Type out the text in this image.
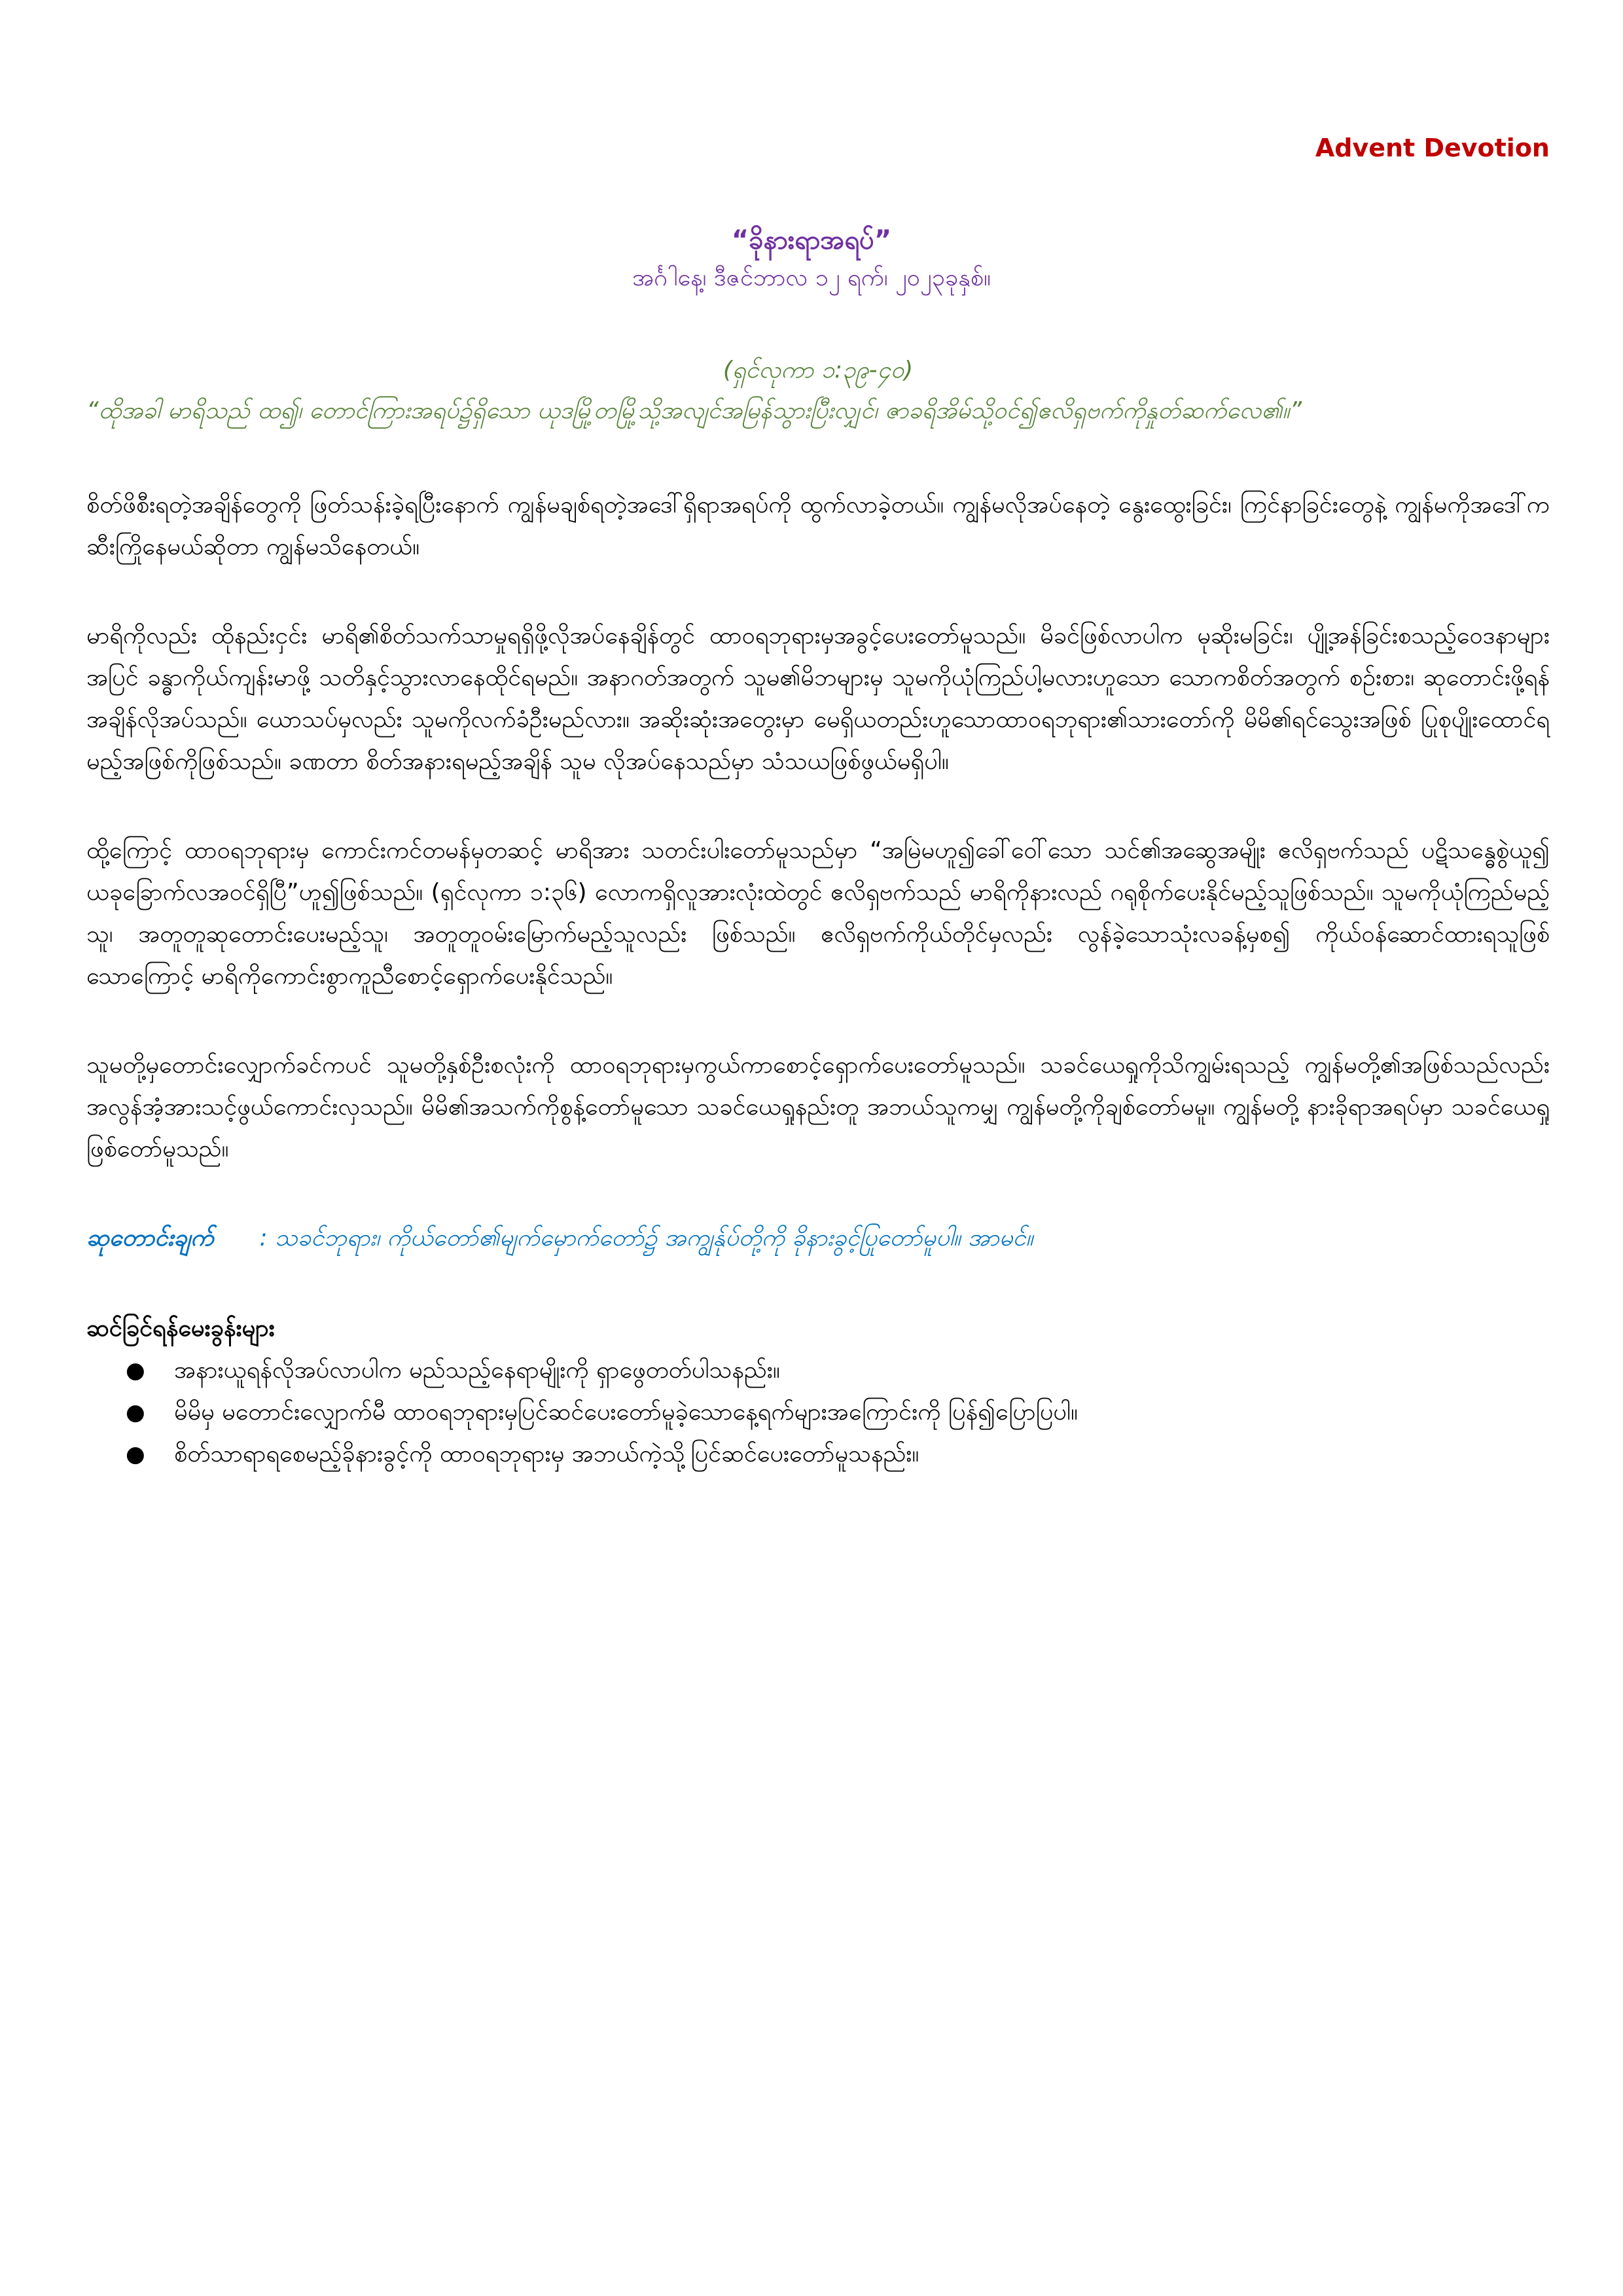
Advent Devotion
“ခိုနားရာအရပ်”
အင်္ဂါနေ့၊ ဒီဇင်ဘာလ ၁၂ ရက်၊ ၂၀၂၃ခုနှစ်။
(ရှင်လုကာ ၁:၃၉-၄၀)

“ထိုအခါ မာရိသည် ထ၍၊ တောင်ကြားအရပ်၌ရှိသော ယုဒမြို့တမြို့သို့အလျင်အမြန်သွားပြီးလျှင်၊ ဇာခရိအိမ်သို့ဝင်၍ဧလိရှဗက်ကိုနှုတ်ဆက်လေ၏။”

စိတ်ဖိစီးရတဲ့အချိန်တွေကို ဖြတ်သန်းခဲ့ရပြီးနောက် ကျွန်မချစ်ရတဲ့အဒေါ်ရှိရာအရပ်ကို ထွက်လာခဲ့တယ်။ ကျွန်မလိုအပ်နေတဲ့ နွေးထွေးခြင်း၊ ကြင်နာခြင်းတွေနဲ့ ကျွန်မကိုအဒေါ်က ဆီးကြိုနေမယ်ဆိုတာ ကျွန်မသိနေတယ်။

မာရိကိုလည်း ထိုနည်းငှင်း မာရိ၏စိတ်သက်သာမှုရရှိဖို့လိုအပ်နေချိန်တွင် ထာဝရဘုရားမှအခွင့်ပေးတော်မူသည်။ မိခင်ဖြစ်လာပါက မုဆိုးမခြင်း၊ ပျို့အန်ခြင်းစသည့်ဝေဒနာများအပြင် ခန္ဓာကိုယ်ကျန်းမာဖို့ သတိနှင့်သွားလာနေထိုင်ရမည်။ အနာဂတ်အတွက် သူမ၏မိဘများမှ သူမကိုယုံကြည်ပါ့မလားဟူသော သောကစိတ်အတွက် စဉ်းစား၊ ဆုတောင်းဖို့ရန်အချိန်လိုအပ်သည်။ ယောသပ်မှလည်း သူမကိုလက်ခံဦးမည်လား။ အဆိုးဆုံးအတွေးမှာ မေရှိယတည်းဟူသောထာဝရဘုရား၏သားတော်ကို မိမိ၏ရင်သွေးအဖြစ် ပြုစုပျိုးထောင်ရမည့်အဖြစ်ကိုဖြစ်သည်။ ခဏတာ စိတ်အနားရမည့်အချိန် သူမ လိုအပ်နေသည်မှာ သံသယဖြစ်ဖွယ်မရှိပါ။

ထို့ကြောင့် ထာဝရဘုရားမှ ကောင်းကင်တမန်မှတဆင့် မာရိအား သတင်းပါးတော်မူသည်မှာ “အမြဲမဟူ၍ခေါ်ဝေါ်သော သင်၏အဆွေအမျိုး ဧလိရှဗက်သည် ပဋိသန္ဓေစွဲယူ၍ ယခုခြောက်လအဝင်ရှိပြီ”ဟူ၍ဖြစ်သည်။ (ရှင်လုကာ ၁:၃၆) လောကရှိလူအားလုံးထဲတွင် ဧလိရှဗက်သည် မာရိကိုနားလည် ဂရုစိုက်ပေးနိုင်မည့်သူဖြစ်သည်။ သူမကိုယုံကြည်မည့်သူ၊ အတူတူဆုတောင်းပေးမည့်သူ၊ အတူတူဝမ်းမြောက်မည့်သူလည်း ဖြစ်သည်။ ဧလိရှဗက်ကိုယ်တိုင်မှလည်း လွန်ခဲ့သောသုံးလခန့်မှစ၍ ကိုယ်ဝန်ဆောင်ထားရသူဖြစ်သောကြောင့် မာရိကိုကောင်းစွာကူညီစောင့်ရှောက်ပေးနိုင်သည်။

သူမတို့မှတောင်းလျှောက်ခင်ကပင် သူမတို့နှစ်ဦးစလုံးကို ထာဝရဘုရားမှကွယ်ကာစောင့်ရှောက်ပေးတော်မူသည်။ သခင်ယေရှုကိုသိကျွမ်းရသည့် ကျွန်မတို့၏အဖြစ်သည်လည်း အလွန်အံ့အားသင့်ဖွယ်ကောင်းလှသည်။ မိမိ၏အသက်ကိုစွန့်တော်မူသော သခင်ယေရှုနည်းတူ အဘယ်သူကမျှ ကျွန်မတို့ကိုချစ်တော်မမူ။ ကျွန်မတို့ နားခိုရာအရပ်မှာ သခင်ယေရှုဖြစ်တော်မူသည်။

ဆုတောင်းချက် : သခင်ဘုရား၊ ကိုယ်တော်၏မျက်မှောက်တော်၌ အကျွန်ုပ်တို့ကို ခိုနားခွင့်ပြုတော်မူပါ။ အာမင်။
ဆင်ခြင်ရန်မေးခွန်းများ
● အနားယူရန်လိုအပ်လာပါက မည်သည့်နေရာမျိုးကို ရှာဖွေတတ်ပါသနည်း။
● မိမိမှ မတောင်းလျှောက်မီ ထာဝရဘုရားမှပြင်ဆင်ပေးတော်မူခဲ့သောနေ့ရက်များအကြောင်းကို ပြန်၍ပြောပြပါ။
● စိတ်သာရာရစေမည့်ခိုနားခွင့်ကို ထာဝရဘုရားမှ အဘယ်ကဲ့သို့ပြင်ဆင်ပေးတော်မူသနည်း။
